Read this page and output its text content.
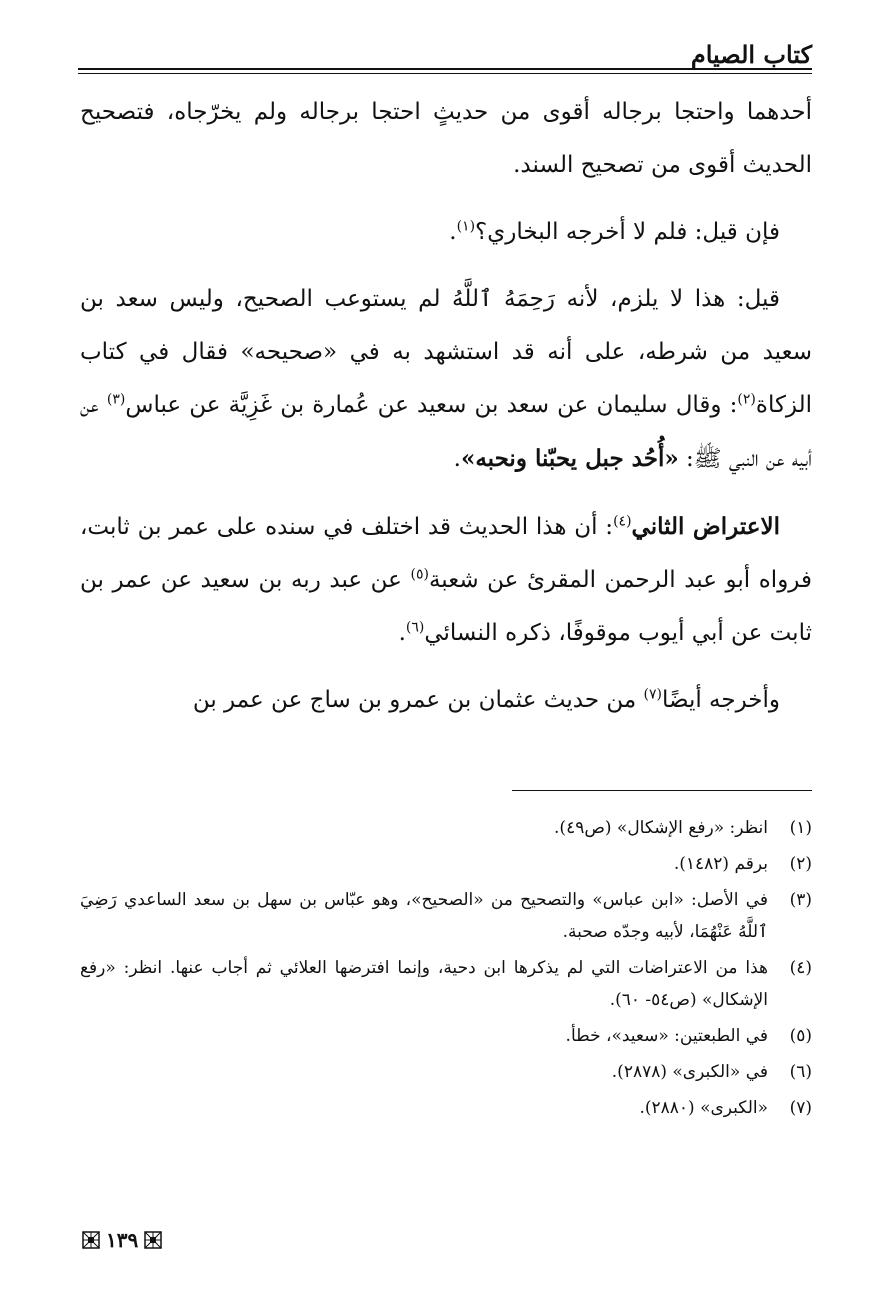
كتاب الصيام

أحدهما واحتجا برجاله أقوى من حديثٍ احتجا برجاله ولم يخرّجاه، فتصحيح الحديث أقوى من تصحيح السند.

فإن قيل: فلم لا أخرجه البخاري؟$^{(١)}$.

قيل: هذا لا يلزم، لأنه رَحِمَهُ ٱللَّهُ لم يستوعب الصحيح، وليس سعد بن سعيد من شرطه، على أنه قد استشهد به في «صحيحه» فقال في كتاب الزكاة$^{(٢)}$: وقال سليمان عن سعد بن سعيد عن عُمارة بن غَزِيَّة عن عباس$^{(٣)}$ عن أبيه عن النبي ﷺ: «أُحُد جبل يحبّنا ونحبه».

الاعتراض الثاني$^{(٤)}$: أن هذا الحديث قد اختلف في سنده على عمر بن ثابت، فرواه أبو عبد الرحمن المقرئ عن شعبة$^{(٥)}$ عن عبد ربه بن سعيد عن عمر بن ثابت عن أبي أيوب موقوفًا، ذكره النسائي$^{(٦)}$.

وأخرجه أيضًا$^{(٧)}$ من حديث عثمان بن عمرو بن ساج عن عمر بن

(١)
انظر: «رفع الإشكال» (ص٤٩).
(٢)
برقم (١٤٨٢).
(٣)
في الأصل: «ابن عباس» والتصحيح من «الصحيح»، وهو عبّاس بن سهل بن سعد الساعدي رَضِيَ ٱللَّهُ عَنْهُمَا، لأبيه وجدّه صحبة.
(٤)
هذا من الاعتراضات التي لم يذكرها ابن دحية، وإنما افترضها العلائي ثم أجاب عنها. انظر: «رفع الإشكال» (ص٥٤- ٦٠).
(٥)
في الطبعتين: «سعيد»، خطأ.
(٦)
في «الكبرى» (٢٨٧٨).
(٧)
«الكبرى» (٢٨٨٠).
١٣٩
